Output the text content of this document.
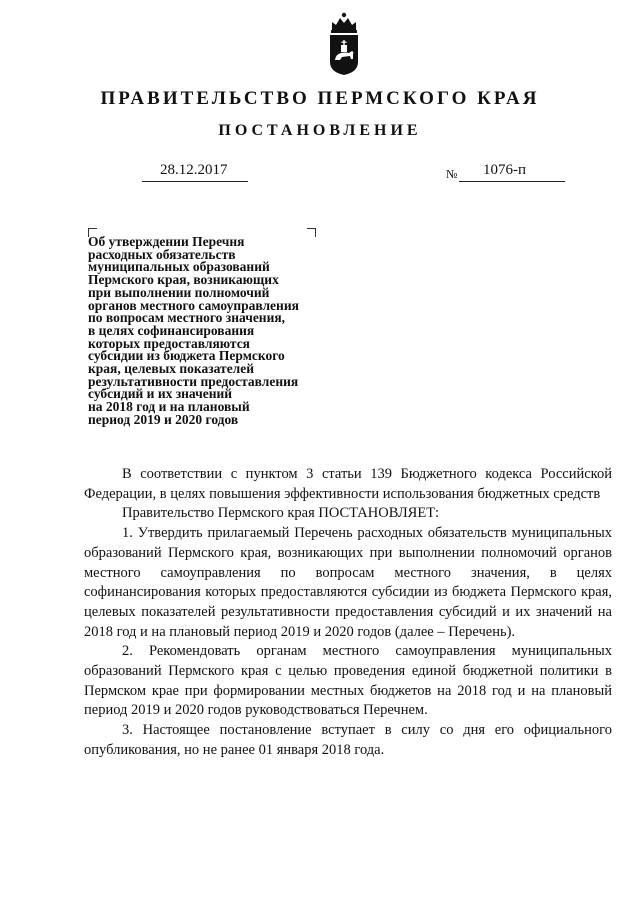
ПРАВИТЕЛЬСТВО ПЕРМСКОГО КРАЯ
ПОСТАНОВЛЕНИЕ
28.12.2017	№ 1076-п
Об утверждении Перечня
расходных обязательств
муниципальных образований
Пермского края, возникающих
при выполнении полномочий
органов местного самоуправления
по вопросам местного значения,
в целях софинансирования
которых предоставляются
субсидии из бюджета Пермского
края, целевых показателей
результативности предоставления
субсидий и их значений
на 2018 год и на плановый
период 2019 и 2020 годов

В соответствии с пунктом 3 статьи 139 Бюджетного кодекса Российской Федерации, в целях повышения эффективности использования бюджетных средств

Правительство Пермского края ПОСТАНОВЛЯЕТ:

1. Утвердить прилагаемый Перечень расходных обязательств муниципальных образований Пермского края, возникающих при выполнении полномочий органов местного самоуправления по вопросам местного значения, в целях софинансирования которых предоставляются субсидии из бюджета Пермского края, целевых показателей результативности предоставления субсидий и их значений на 2018 год и на плановый период 2019 и 2020 годов (далее – Перечень).

2. Рекомендовать органам местного самоуправления муниципальных образований Пермского края с целью проведения единой бюджетной политики в Пермском крае при формировании местных бюджетов на 2018 год и на плановый период 2019 и 2020 годов руководствоваться Перечнем.

3. Настоящее постановление вступает в силу со дня его официального опубликования, но не ранее 01 января 2018 года.
